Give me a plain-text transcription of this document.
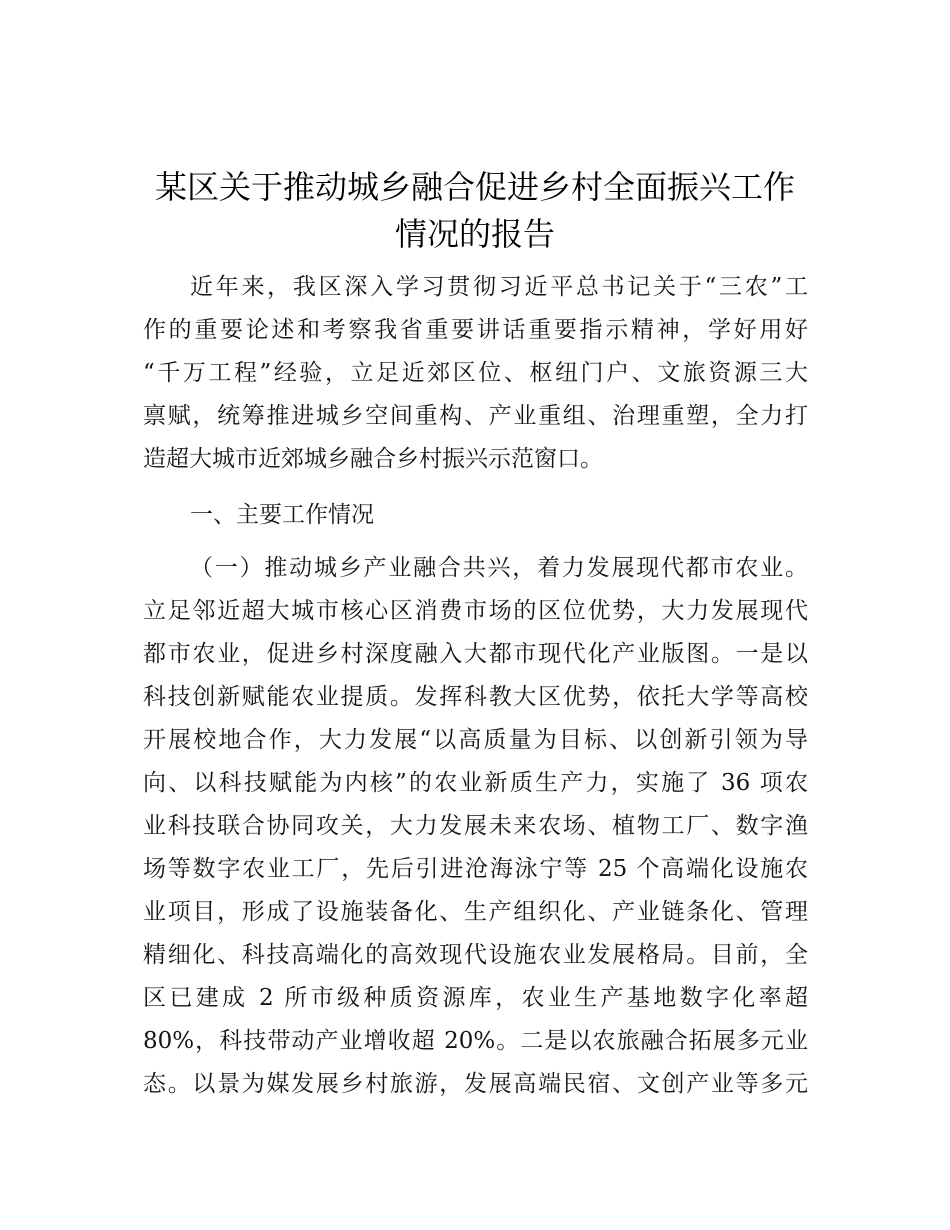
某区关于推动城乡融合促进乡村全面振兴工作
情况的报告
近年来，我区深入学习贯彻习近平总书记关于“三农”工
作的重要论述和考察我省重要讲话重要指示精神，学好用好
“千万工程”经验，立足近郊区位、枢纽门户、文旅资源三大
禀赋，统筹推进城乡空间重构、产业重组、治理重塑，全力打
造超大城市近郊城乡融合乡村振兴示范窗口。
一、主要工作情况
（一）推动城乡产业融合共兴，着力发展现代都市农业。
立足邻近超大城市核心区消费市场的区位优势，大力发展现代
都市农业，促进乡村深度融入大都市现代化产业版图。一是以
科技创新赋能农业提质。发挥科教大区优势，依托大学等高校
开展校地合作，大力发展“以高质量为目标、以创新引领为导
向、以科技赋能为内核”的农业新质生产力，实施了 36 项农
业科技联合协同攻关，大力发展未来农场、植物工厂、数字渔
场等数字农业工厂，先后引进沧海泳宁等 25 个高端化设施农
业项目，形成了设施装备化、生产组织化、产业链条化、管理
精细化、科技高端化的高效现代设施农业发展格局。目前，全
区已建成 2 所市级种质资源库，农业生产基地数字化率超
80%，科技带动产业增收超 20%。二是以农旅融合拓展多元业
态。以景为媒发展乡村旅游，发展高端民宿、文创产业等多元
